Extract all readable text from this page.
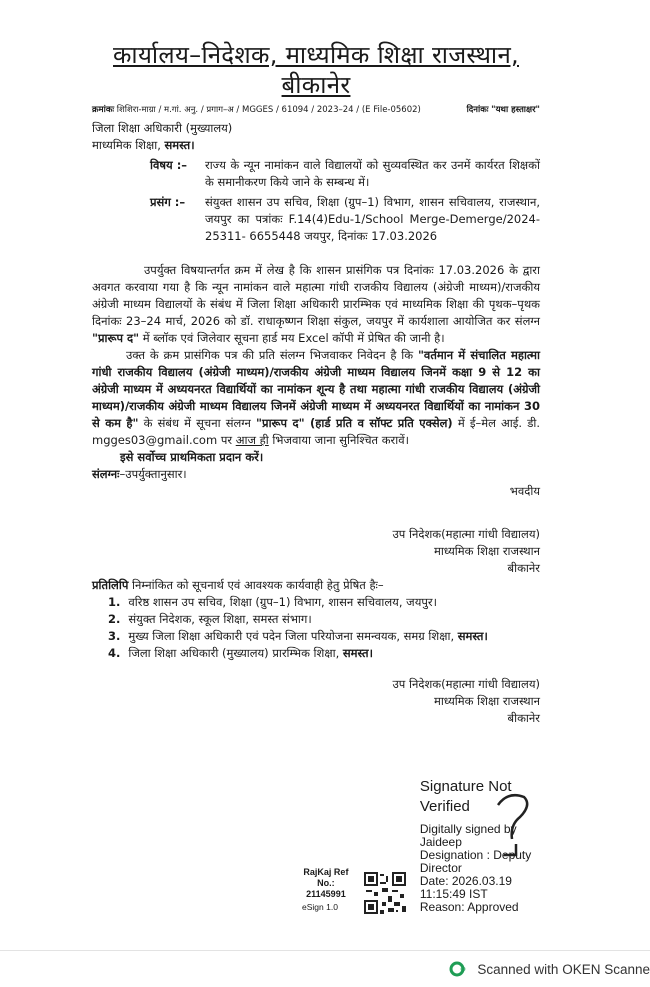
कार्यालय–निदेशक, माध्यमिक शिक्षा राजस्थान, बीकानेर
क्रमांकः शिशिरा-माग्रा / म.गां. अनु. / प्रगाग–अ / MGGES / 61094 / 2023–24 / (E File-05602)	दिनांकः "यथा हस्ताक्षर"
जिला शिक्षा अधिकारी (मुख्यालय)
माध्यमिक शिक्षा, समस्त।
विषय :–	राज्य के न्यून नामांकन वाले विद्यालयों को सुव्यवस्थित कर उनमें कार्यरत शिक्षकों के समानीकरण किये जाने के सम्बन्ध में।
प्रसंग :–	संयुक्त शासन उप सचिव, शिक्षा (ग्रुप–1) विभाग, शासन सचिवालय, राजस्थान, जयपुर का पत्रांकः F.14(4)Edu-1/School Merge-Demerge/2024-25311- 6655448 जयपुर, दिनांकः 17.03.2026

उपर्युक्त विषयान्तर्गत क्रम में लेख है कि शासन प्रासंगिक पत्र दिनांकः 17.03.2026 के द्वारा अवगत करवाया गया है कि न्यून नामांकन वाले महात्मा गांधी राजकीय विद्यालय (अंग्रेजी माध्यम)/राजकीय अंग्रेजी माध्यम विद्यालयों के संबंध में जिला शिक्षा अधिकारी प्रारम्भिक एवं माध्यमिक शिक्षा की पृथक–पृथक दिनांकः 23–24 मार्च, 2026 को डॉ. राधाकृष्णन शिक्षा संकुल, जयपुर में कार्यशाला आयोजित कर संलग्न "प्रारूप द" में ब्लॉक एवं जिलेवार सूचना हार्ड मय Excel कॉपी में प्रेषित की जानी है।

उक्त के क्रम प्रासंगिक पत्र की प्रति संलग्न भिजवाकर निवेदन है कि "वर्तमान में संचालित महात्मा गांधी राजकीय विद्यालय (अंग्रेजी माध्यम)/राजकीय अंग्रेजी माध्यम विद्यालय जिनमें कक्षा 9 से 12 का अंग्रेजी माध्यम में अध्ययनरत विद्यार्थियों का नामांकन शून्य है तथा महात्मा गांधी राजकीय विद्यालय (अंग्रेजी माध्यम)/राजकीय अंग्रेजी माध्यम विद्यालय जिनमें अंग्रेजी माध्यम में अध्ययनरत विद्यार्थियों का नामांकन 30 से कम है" के संबंध में सूचना संलग्न "प्रारूप द" (हार्ड प्रति व सॉफ्ट प्रति एक्सेल) में ई–मेल आई. डी. mgges03@gmail.com पर आज ही भिजवाया जाना सुनिश्चित करावें।

इसे सर्वोच्च प्राथमिकता प्रदान करें।
संलग्नः–उपर्युक्तानुसार।
भवदीय
उप निदेशक(महात्मा गांधी विद्यालय)
माध्यमिक शिक्षा राजस्थान
बीकानेर
प्रतिलिपि निम्नांकित को सूचनार्थ एवं आवश्यक कार्यवाही हेतु प्रेषित हैः–
1. वरिष्ठ शासन उप सचिव, शिक्षा (ग्रुप–1) विभाग, शासन सचिवालय, जयपुर।
2. संयुक्त निदेशक, स्कूल शिक्षा, समस्त संभाग।
3. मुख्य जिला शिक्षा अधिकारी एवं पदेन जिला परियोजना समन्वयक, समग्र शिक्षा, समस्त।
4. जिला शिक्षा अधिकारी (मुख्यालय) प्रारम्भिक शिक्षा, समस्त।
उप निदेशक(महात्मा गांधी विद्यालय)
माध्यमिक शिक्षा राजस्थान
बीकानेर
RajKaj Ref No.:
21145991
eSign 1.0
Signature Not Verified
Digitally signed by Jaideep
Designation : Deputy Director
Date: 2026.03.19 11:15:49 IST
Reason: Approved
Scanned with OKEN Scanne
